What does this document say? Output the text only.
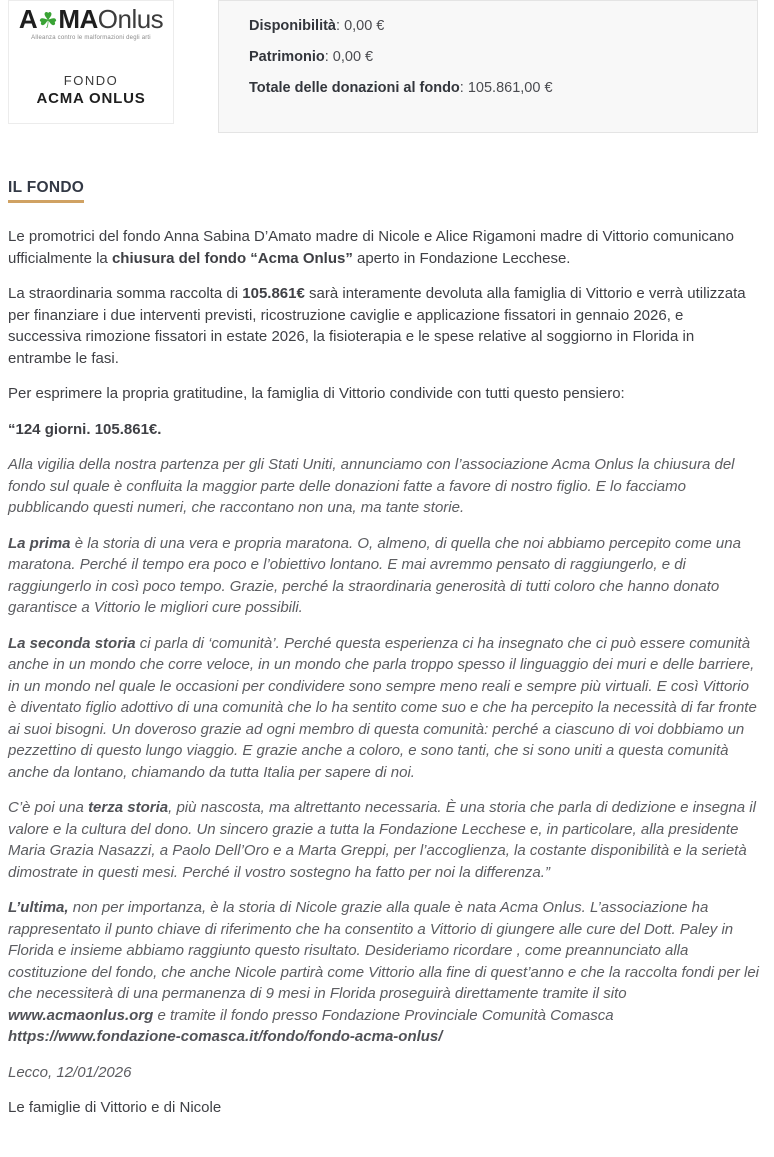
A☘MAOnlus
Alleanza contro le malformazioni degli arti
FONDO
ACMA ONLUS
Disponibilità: 0,00 €
Patrimonio: 0,00 €
Totale delle donazioni al fondo: 105.861,00 €
IL FONDO

Le promotrici del fondo Anna Sabina D’Amato madre di Nicole e Alice Rigamoni madre di Vittorio comunicano ufficialmente la chiusura del fondo “Acma Onlus” aperto in Fondazione Lecchese.

La straordinaria somma raccolta di 105.861€ sarà interamente devoluta alla famiglia di Vittorio e verrà utilizzata per finanziare i due interventi previsti, ricostruzione caviglie e applicazione fissatori in gennaio 2026, e successiva rimozione fissatori in estate 2026, la fisioterapia e le spese relative al soggiorno in Florida in entrambe le fasi.

Per esprimere la propria gratitudine, la famiglia di Vittorio condivide con tutti questo pensiero:

“124 giorni. 105.861€.

Alla vigilia della nostra partenza per gli Stati Uniti, annunciamo con l’associazione Acma Onlus la chiusura del fondo sul quale è confluita la maggior parte delle donazioni fatte a favore di nostro figlio. E lo facciamo pubblicando questi numeri, che raccontano non una, ma tante storie.

La prima è la storia di una vera e propria maratona. O, almeno, di quella che noi abbiamo percepito come una maratona. Perché il tempo era poco e l’obiettivo lontano. E mai avremmo pensato di raggiungerlo, e di raggiungerlo in così poco tempo. Grazie, perché la straordinaria generosità di tutti coloro che hanno donato garantisce a Vittorio le migliori cure possibili.

La seconda storia ci parla di ‘comunità’. Perché questa esperienza ci ha insegnato che ci può essere comunità anche in un mondo che corre veloce, in un mondo che parla troppo spesso il linguaggio dei muri e delle barriere, in un mondo nel quale le occasioni per condividere sono sempre meno reali e sempre più virtuali. E così Vittorio è diventato figlio adottivo di una comunità che lo ha sentito come suo e che ha percepito la necessità di far fronte ai suoi bisogni. Un doveroso grazie ad ogni membro di questa comunità: perché a ciascuno di voi dobbiamo un pezzettino di questo lungo viaggio. E grazie anche a coloro, e sono tanti, che si sono uniti a questa comunità anche da lontano, chiamando da tutta Italia per sapere di noi.

C’è poi una terza storia, più nascosta, ma altrettanto necessaria. È una storia che parla di dedizione e insegna il valore e la cultura del dono. Un sincero grazie a tutta la Fondazione Lecchese e, in particolare, alla presidente Maria Grazia Nasazzi, a Paolo Dell’Oro e a Marta Greppi, per l’accoglienza, la costante disponibilità e la serietà dimostrate in questi mesi. Perché il vostro sostegno ha fatto per noi la differenza.”

L’ultima, non per importanza, è la storia di Nicole grazie alla quale è nata Acma Onlus. L’associazione ha rappresentato il punto chiave di riferimento che ha consentito a Vittorio di giungere alle cure del Dott. Paley in Florida e insieme abbiamo raggiunto questo risultato. Desideriamo ricordare , come preannunciato alla costituzione del fondo, che anche Nicole partirà come Vittorio alla fine di quest’anno e che la raccolta fondi per lei che necessiterà di una permanenza di 9 mesi in Florida proseguirà direttamente tramite il sito www.acmaonlus.org e tramite il fondo presso Fondazione Provinciale Comunità Comasca
https://www.fondazione-comasca.it/fondo/fondo-acma-onlus/

Lecco, 12/01/2026

Le famiglie di Vittorio e di Nicole
